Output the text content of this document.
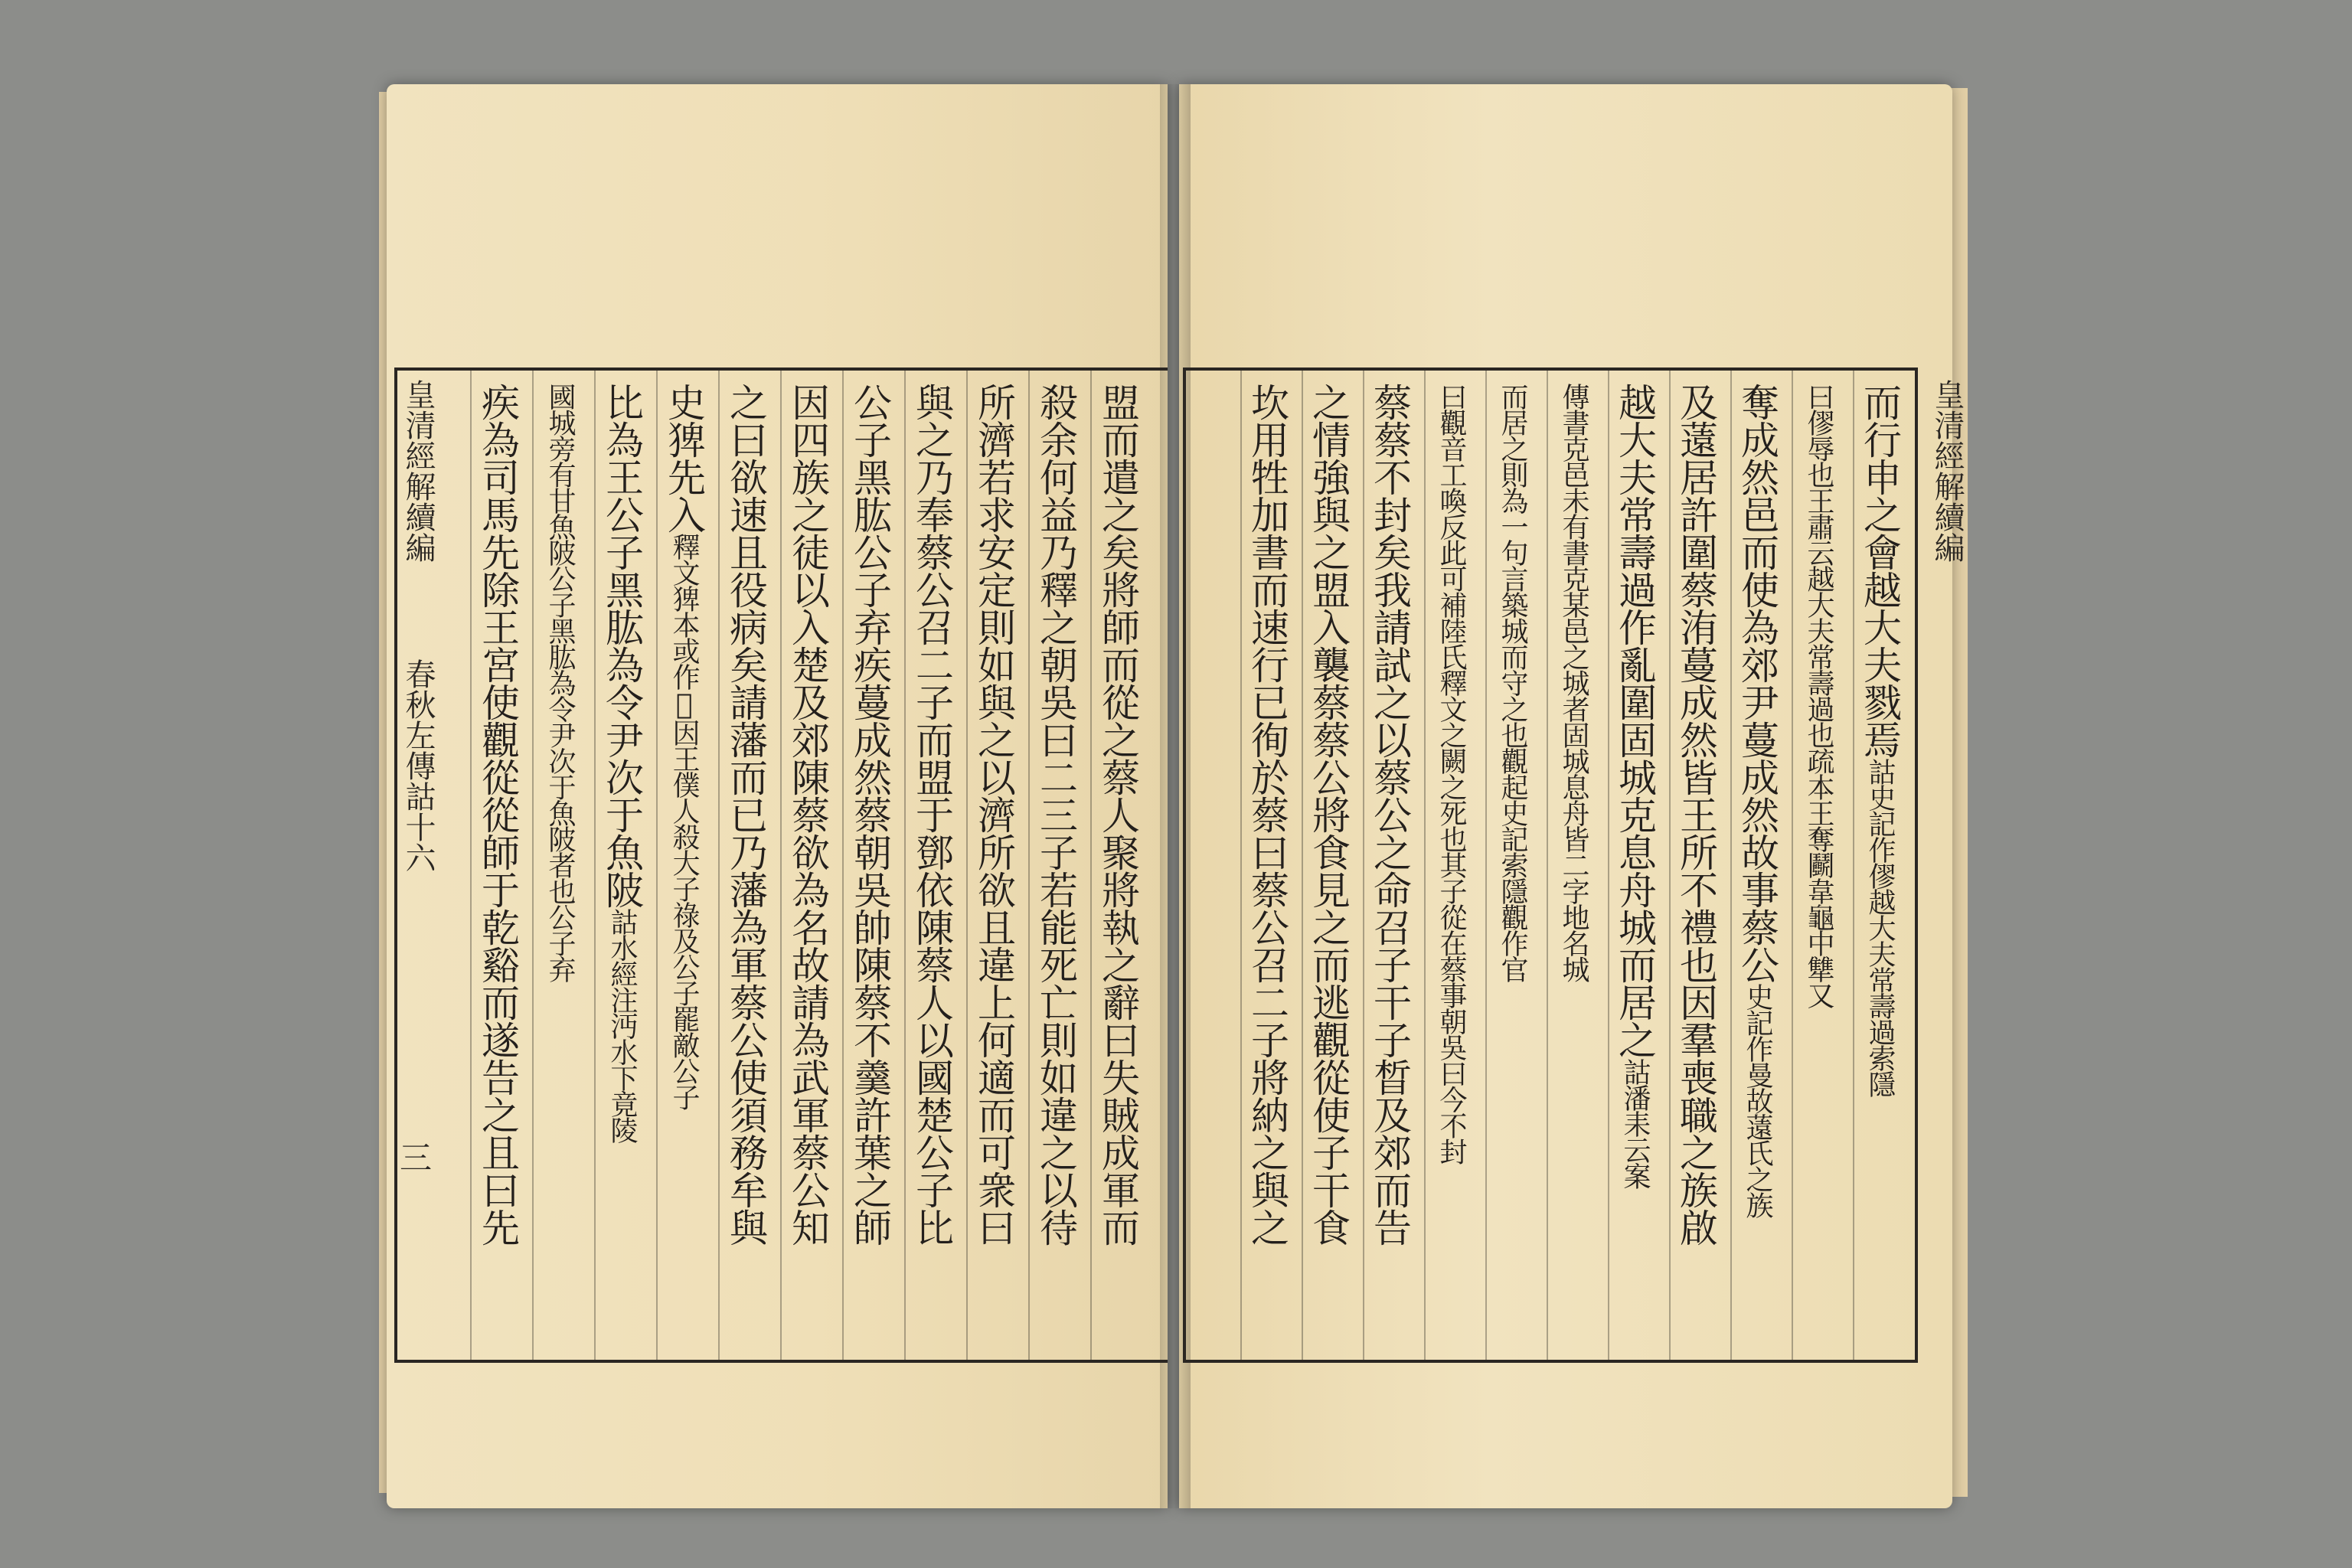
皇清經解續編
春秋左傳詁十六
三
皇清經解續編
盟而遣之矣將師而從之蔡人聚將執之辭曰失賊成軍而
殺余何益乃釋之朝吳曰二三子若能死亡則如違之以待
所濟若求安定則如與之以濟所欲且違上何適而可衆曰
與之乃奉蔡公召二子而盟于鄧依陳蔡人以國楚公子比
公子黑肱公子弃疾蔓成然蔡朝吳帥陳蔡不羹許葉之師
因四族之徒以入楚及郊陳蔡欲為名故請為武軍蔡公知
之曰欲速且役病矣請藩而已乃藩為軍蔡公使須務牟與
史猈先入釋文猈本或作𤢪因王僕人殺大子祿及公子罷敵公子
比為王公子黑肱為令尹次于魚陂詁水經注沔水下竟陵
國城旁有甘魚陂公子黑肱為令尹次于魚陂者也公子弃
疾為司馬先除王宮使觀從從師于乾谿而遂告之且曰先	而行申之會越大夫戮焉詁史記作僇越大夫常壽過索隱
曰僇辱也王肅云越大夫常壽過也疏本王奪鬬韋龜中犨又
奪成然邑而使為郊尹蔓成然故事蔡公史記作曼故薳氏之族
及薳居許圍蔡洧蔓成然皆王所不禮也因羣喪職之族啟
越大夫常壽過作亂圍固城克息舟城而居之詁潘耒云案
傳書克邑未有書克某邑之城者固城息舟皆二字地名城
而居之則為一句言築城而守之也觀起史記索隱觀作官
曰觀音工喚反此可補陸氏釋文之闕之死也其子從在蔡事朝吳曰今不封
蔡蔡不封矣我請試之以蔡公之命召子干子晳及郊而告
之情強與之盟入襲蔡蔡公將食見之而逃觀從使子干食
坎用牲加書而速行已徇於蔡曰蔡公召二子將納之與之
